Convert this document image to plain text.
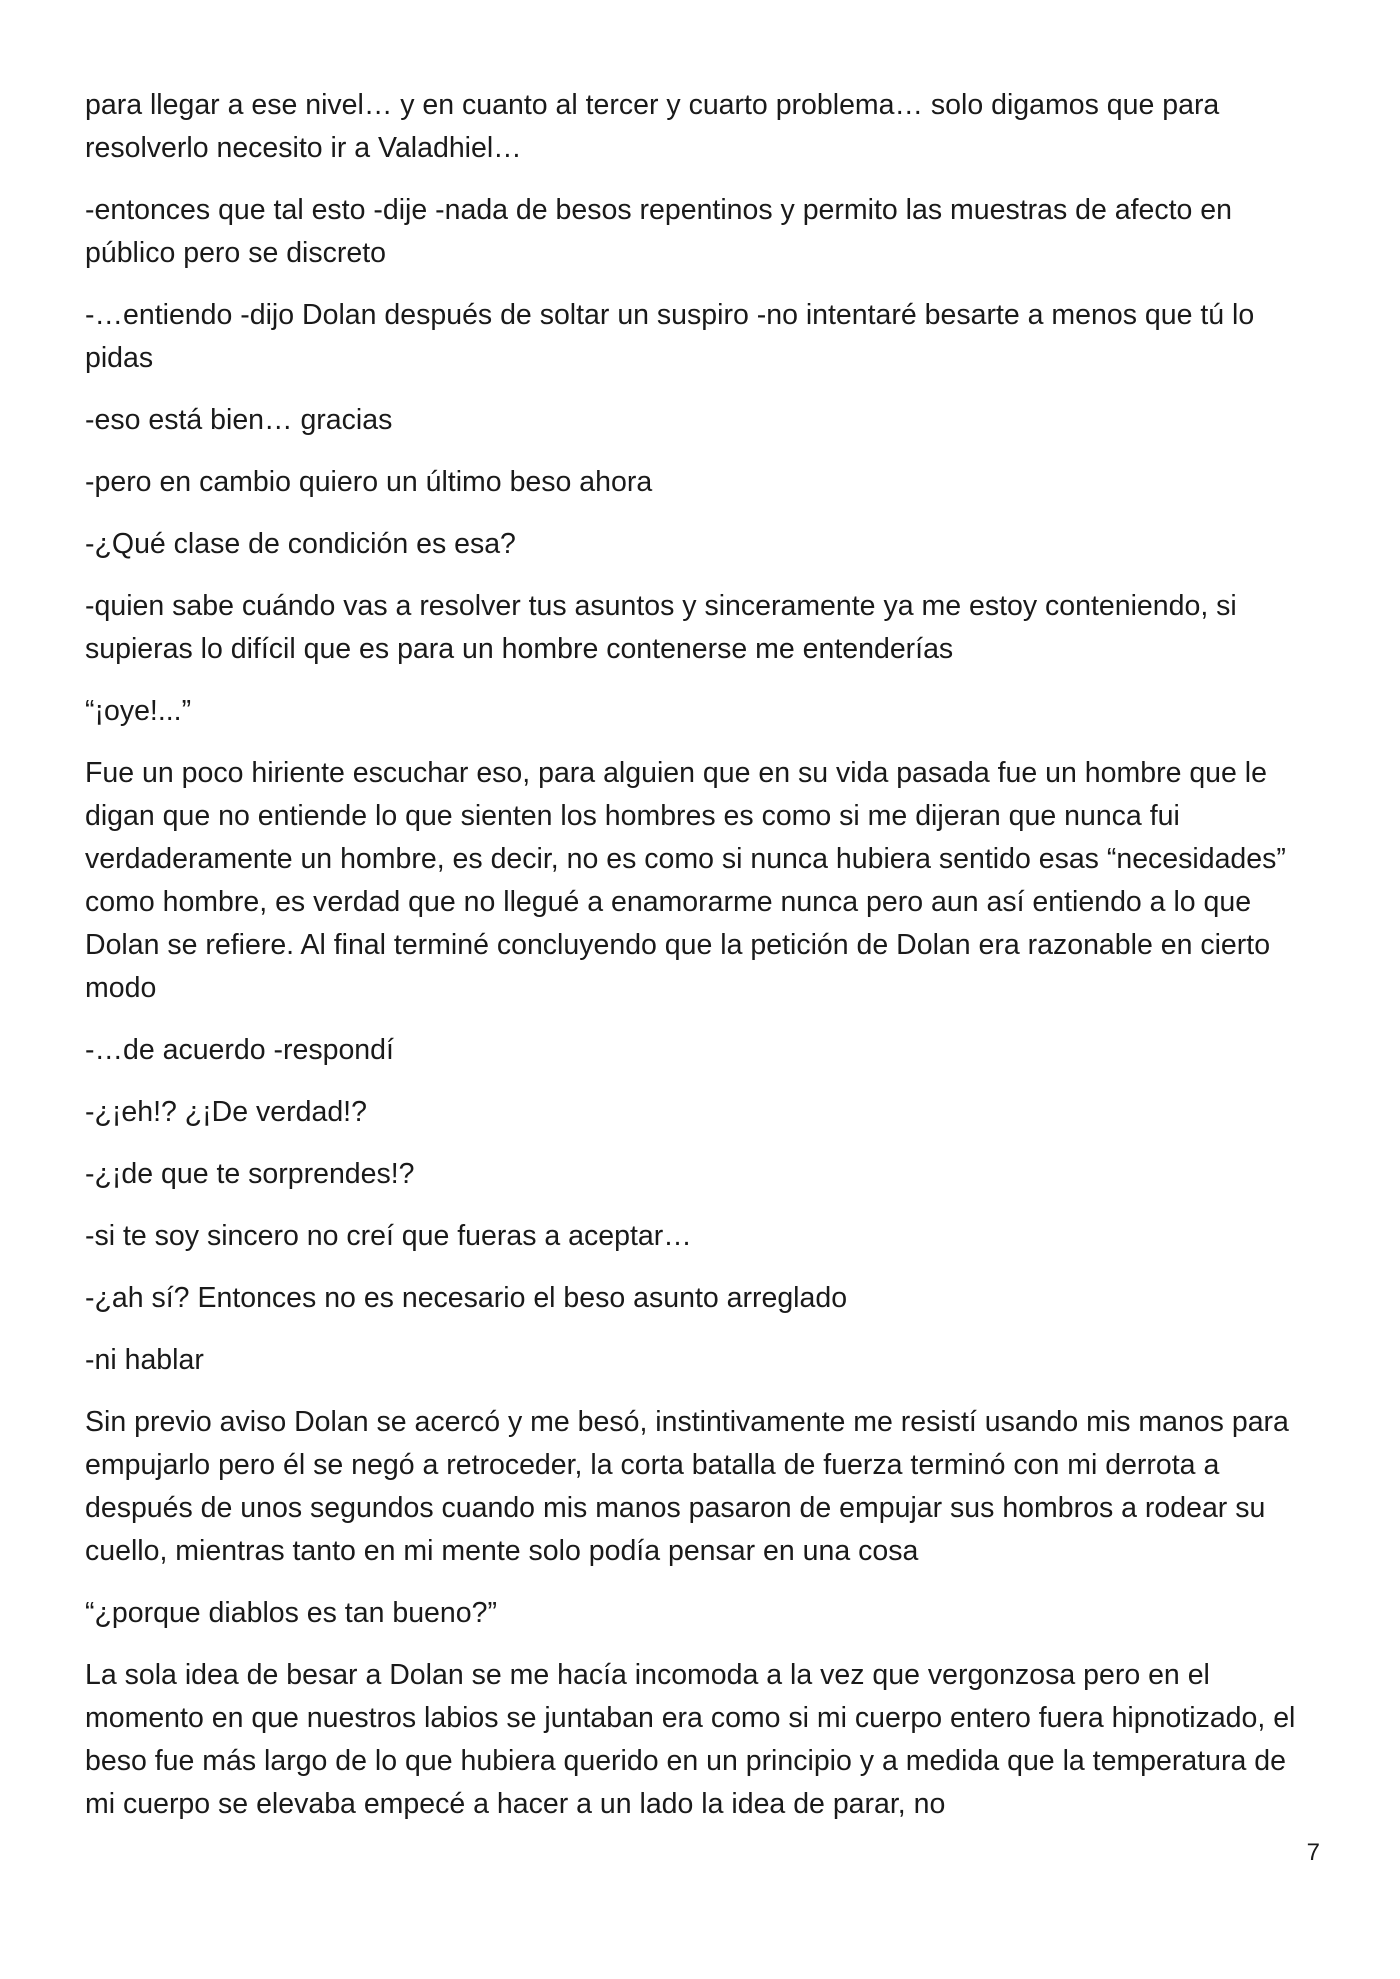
para llegar a ese nivel… y en cuanto al tercer y cuarto problema… solo digamos que para resolverlo necesito ir a Valadhiel…

-entonces que tal esto -dije -nada de besos repentinos y permito las muestras de afecto en público pero se discreto

-…entiendo -dijo Dolan después de soltar un suspiro -no intentaré besarte a menos que tú lo pidas

-eso está bien… gracias

-pero en cambio quiero un último beso ahora

-¿Qué clase de condición es esa?

-quien sabe cuándo vas a resolver tus asuntos y sinceramente ya me estoy conteniendo, si supieras lo difícil que es para un hombre contenerse me entenderías

“¡oye!...”

Fue un poco hiriente escuchar eso, para alguien que en su vida pasada fue un hombre que le digan que no entiende lo que sienten los hombres es como si me dijeran que nunca fui verdaderamente un hombre, es decir, no es como si nunca hubiera sentido esas “necesidades” como hombre, es verdad que no llegué a enamorarme nunca pero aun así entiendo a lo que Dolan se refiere. Al final terminé concluyendo que la petición de Dolan era razonable en cierto modo

-…de acuerdo -respondí

-¿¡eh!? ¿¡De verdad!?

-¿¡de que te sorprendes!?

-si te soy sincero no creí que fueras a aceptar…

-¿ah sí? Entonces no es necesario el beso asunto arreglado

-ni hablar

Sin previo aviso Dolan se acercó y me besó, instintivamente me resistí usando mis manos para empujarlo pero él se negó a retroceder, la corta batalla de fuerza terminó con mi derrota a después de unos segundos cuando mis manos pasaron de empujar sus hombros a rodear su cuello, mientras tanto en mi mente solo podía pensar en una cosa

“¿porque diablos es tan bueno?”

La sola idea de besar a Dolan se me hacía incomoda a la vez que vergonzosa pero en el momento en que nuestros labios se juntaban era como si mi cuerpo entero fuera hipnotizado, el beso fue más largo de lo que hubiera querido en un principio y a medida que la temperatura de mi cuerpo se elevaba empecé a hacer a un lado la idea de parar, no

7
